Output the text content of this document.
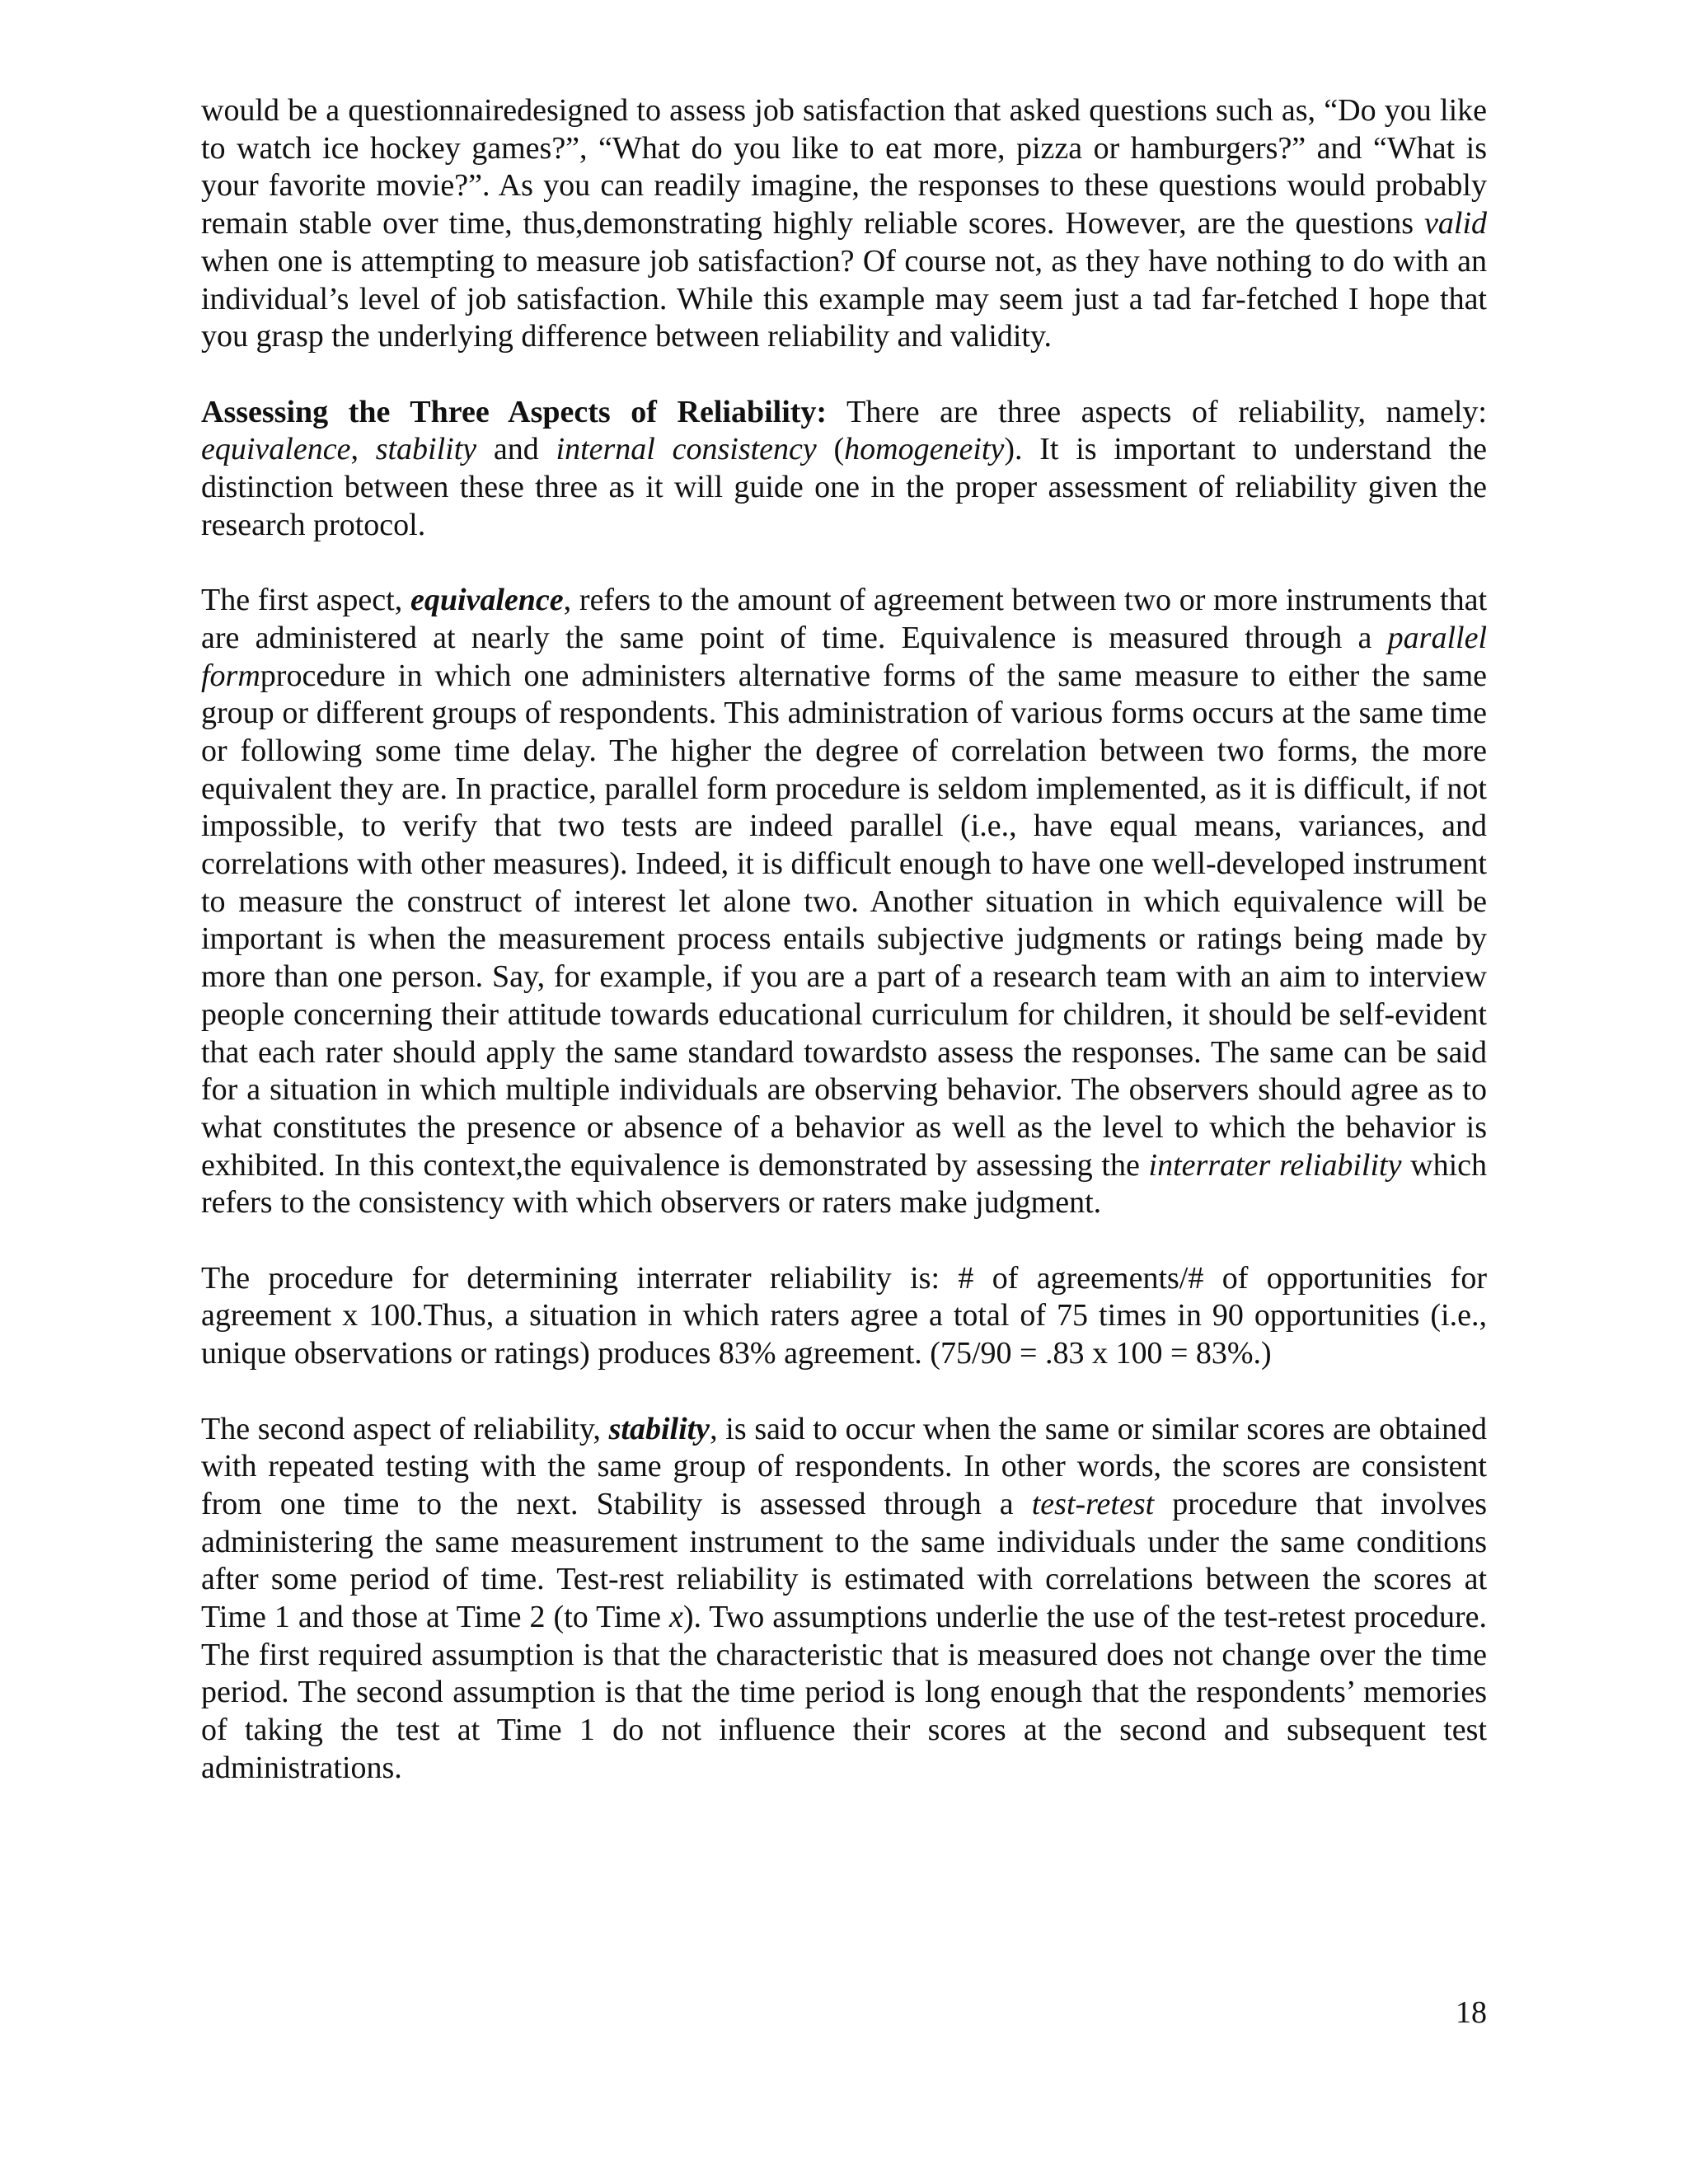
would be a questionnairedesigned to assess job satisfaction that asked questions such as, “Do you like to watch ice hockey games?”, “What do you like to eat more, pizza or hamburgers?” and “What is your favorite movie?”. As you can readily imagine, the responses to these questions would probably remain stable over time, thus,demonstrating highly reliable scores. However, are the questions valid when one is attempting to measure job satisfaction? Of course not, as they have nothing to do with an individual’s level of job satisfaction. While this example may seem just a tad far-fetched I hope that you grasp the underlying difference between reliability and validity.

Assessing the Three Aspects of Reliability: There are three aspects of reliability, namely: equivalence, stability and internal consistency (homogeneity). It is important to understand the distinction between these three as it will guide one in the proper assessment of reliability given the research protocol.

The first aspect, equivalence, refers to the amount of agreement between two or more instruments that are administered at nearly the same point of time. Equivalence is measured through a parallel formprocedure in which one administers alternative forms of the same measure to either the same group or different groups of respondents. This administration of various forms occurs at the same time or following some time delay. The higher the degree of correlation between two forms, the more equivalent they are. In practice, parallel form procedure is seldom implemented, as it is difficult, if not impossible, to verify that two tests are indeed parallel (i.e., have equal means, variances, and correlations with other measures). Indeed, it is difficult enough to have one well-developed instrument to measure the construct of interest let alone two. Another situation in which equivalence will be important is when the measurement process entails subjective judgments or ratings being made by more than one person. Say, for example, if you are a part of a research team with an aim to interview people concerning their attitude towards educational curriculum for children, it should be self-evident that each rater should apply the same standard towardsto assess the responses. The same can be said for a situation in which multiple individuals are observing behavior. The observers should agree as to what constitutes the presence or absence of a behavior as well as the level to which the behavior is exhibited. In this context,the equivalence is demonstrated by assessing the interrater reliability which refers to the consistency with which observers or raters make judgment.

The procedure for determining interrater reliability is: # of agreements/# of opportunities for agreement x 100.Thus, a situation in which raters agree a total of 75 times in 90 opportunities (i.e., unique observations or ratings) produces 83% agreement. (75/90 = .83 x 100 = 83%.)

The second aspect of reliability, stability, is said to occur when the same or similar scores are obtained with repeated testing with the same group of respondents. In other words, the scores are consistent from one time to the next. Stability is assessed through a test-retest procedure that involves administering the same measurement instrument to the same individuals under the same conditions after some period of time. Test-rest reliability is estimated with correlations between the scores at Time 1 and those at Time 2 (to Time x). Two assumptions underlie the use of the test-retest procedure. The first required assumption is that the characteristic that is measured does not change over the time period. The second assumption is that the time period is long enough that the respondents’ memories of taking the test at Time 1 do not influence their scores at the second and subsequent test administrations.

18
